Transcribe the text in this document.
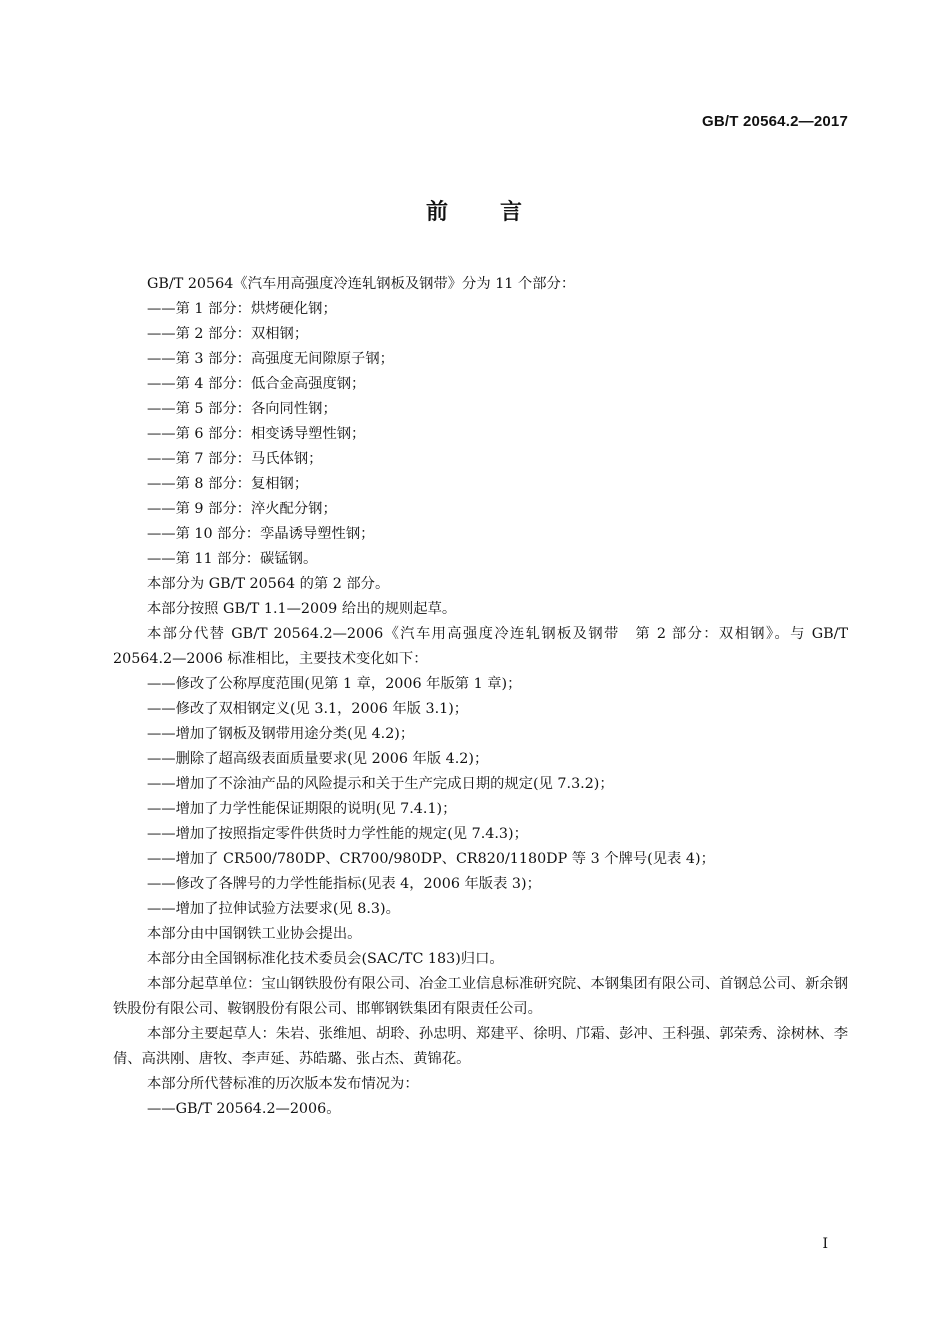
GB/T 20564.2—2017
前 言

GB/T 20564《汽车用高强度冷连轧钢板及钢带》分为 11 个部分：

——第 1 部分：烘烤硬化钢；

——第 2 部分：双相钢；

——第 3 部分：高强度无间隙原子钢；

——第 4 部分：低合金高强度钢；

——第 5 部分：各向同性钢；

——第 6 部分：相变诱导塑性钢；

——第 7 部分：马氏体钢；

——第 8 部分：复相钢；

——第 9 部分：淬火配分钢；

——第 10 部分：孪晶诱导塑性钢；

——第 11 部分：碳锰钢。

本部分为 GB/T 20564 的第 2 部分。

本部分按照 GB/T 1.1—2009 给出的规则起草。

本部分代替 GB/T 20564.2—2006《汽车用高强度冷连轧钢板及钢带　第 2 部分：双相钢》。与 GB/T 20564.2—2006 标准相比，主要技术变化如下：

——修改了公称厚度范围(见第 1 章，2006 年版第 1 章)；

——修改了双相钢定义(见 3.1，2006 年版 3.1)；

——增加了钢板及钢带用途分类(见 4.2)；

——删除了超高级表面质量要求(见 2006 年版 4.2)；

——增加了不涂油产品的风险提示和关于生产完成日期的规定(见 7.3.2)；

——增加了力学性能保证期限的说明(见 7.4.1)；

——增加了按照指定零件供货时力学性能的规定(见 7.4.3)；

——增加了 CR500/780DP、CR700/980DP、CR820/1180DP 等 3 个牌号(见表 4)；

——修改了各牌号的力学性能指标(见表 4，2006 年版表 3)；

——增加了拉伸试验方法要求(见 8.3)。

本部分由中国钢铁工业协会提出。

本部分由全国钢标准化技术委员会(SAC/TC 183)归口。

本部分起草单位：宝山钢铁股份有限公司、冶金工业信息标准研究院、本钢集团有限公司、首钢总公司、新余钢铁股份有限公司、鞍钢股份有限公司、邯郸钢铁集团有限责任公司。

本部分主要起草人：朱岩、张维旭、胡聆、孙忠明、郑建平、徐明、邝霜、彭冲、王科强、郭荣秀、涂树林、李倩、高洪刚、唐牧、李声延、苏皓璐、张占杰、黄锦花。

本部分所代替标准的历次版本发布情况为：

——GB/T 20564.2—2006。

I
